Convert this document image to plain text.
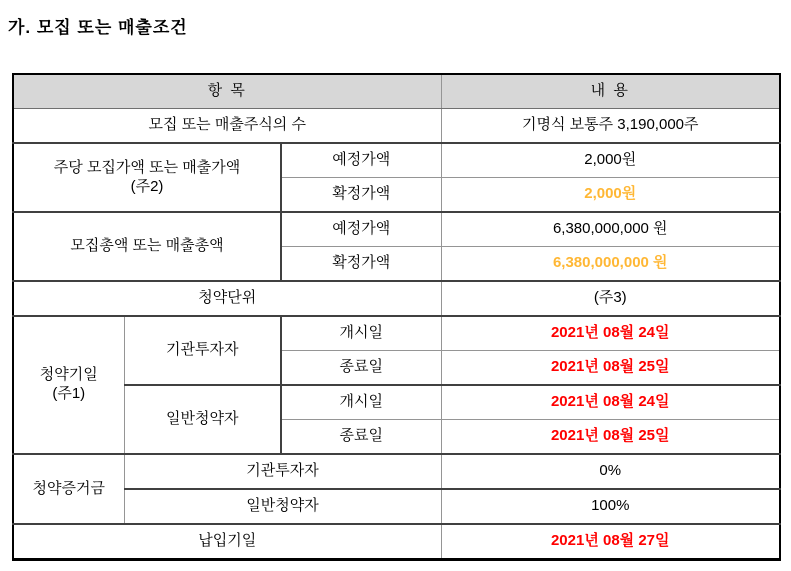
가. 모집 또는 매출조건
항 목			내 용
모집 또는 매출주식의 수			기명식 보통주 3,190,000주

주당 모집가액 또는 매출가액
(주2)		예정가액	2,000원
		확정가액	2,000원
모집총액 또는 매출총액		예정가액	6,380,000,000 원
		확정가액	6,380,000,000 원
청약단위			(주3)

청약기일
(주1)	기관투자자	개시일	2021년 08월 24일
		종료일	2021년 08월 25일
	일반청약자	개시일	2021년 08월 24일
		종료일	2021년 08월 25일
청약증거금	기관투자자		0%
	일반청약자		100%
납입기일			2021년 08월 27일
